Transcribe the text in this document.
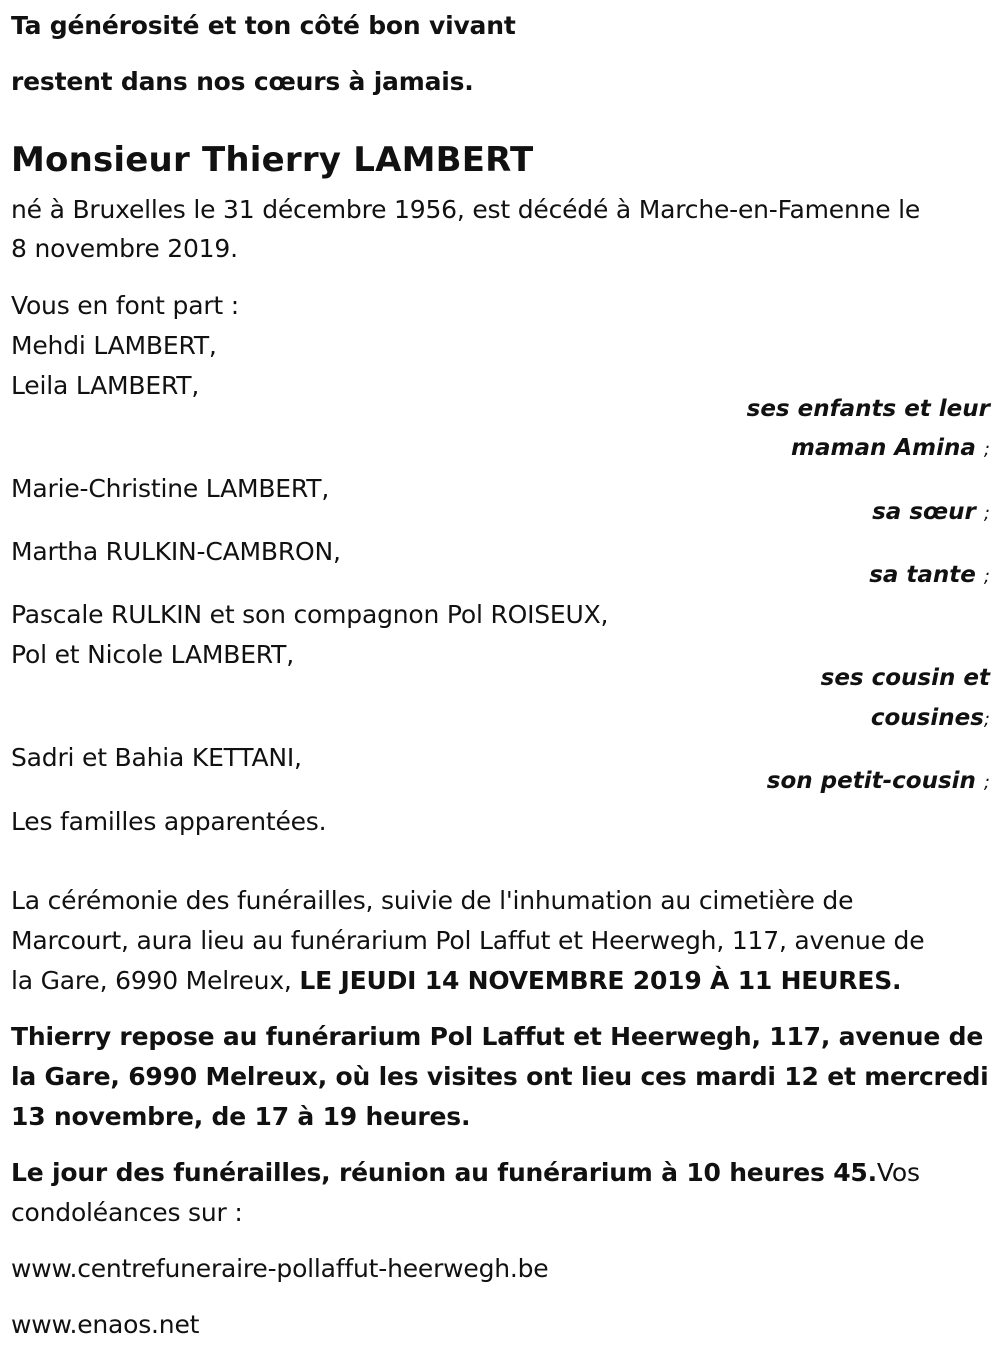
Ta générosité et ton côté bon vivant
restent dans nos cœurs à jamais.
Monsieur Thierry LAMBERT
né à Bruxelles le 31 décembre 1956, est décédé à Marche-en-Famenne le
8 novembre 2019.
Vous en font part :
Mehdi LAMBERT,
Leila LAMBERT,
ses enfants et leur
maman Amina ;
Marie-Christine LAMBERT,
sa sœur ;
Martha RULKIN-CAMBRON,
sa tante ;
Pascale RULKIN et son compagnon Pol ROISEUX,
Pol et Nicole LAMBERT,
ses cousin et
cousines;
Sadri et Bahia KETTANI,
son petit-cousin ;
Les familles apparentées.
La cérémonie des funérailles, suivie de l'inhumation au cimetière de
Marcourt, aura lieu au funérarium Pol Laffut et Heerwegh, 117, avenue de
la Gare, 6990 Melreux, LE JEUDI 14 NOVEMBRE 2019 À 11 HEURES.
Thierry repose au funérarium Pol Laffut et Heerwegh, 117, avenue de
la Gare, 6990 Melreux, où les visites ont lieu ces mardi 12 et mercredi
13 novembre, de 17 à 19 heures.
Le jour des funérailles, réunion au funérarium à 10 heures 45.Vos
condoléances sur :
www.centrefuneraire-pollaffut-heerwegh.be
www.enaos.net
